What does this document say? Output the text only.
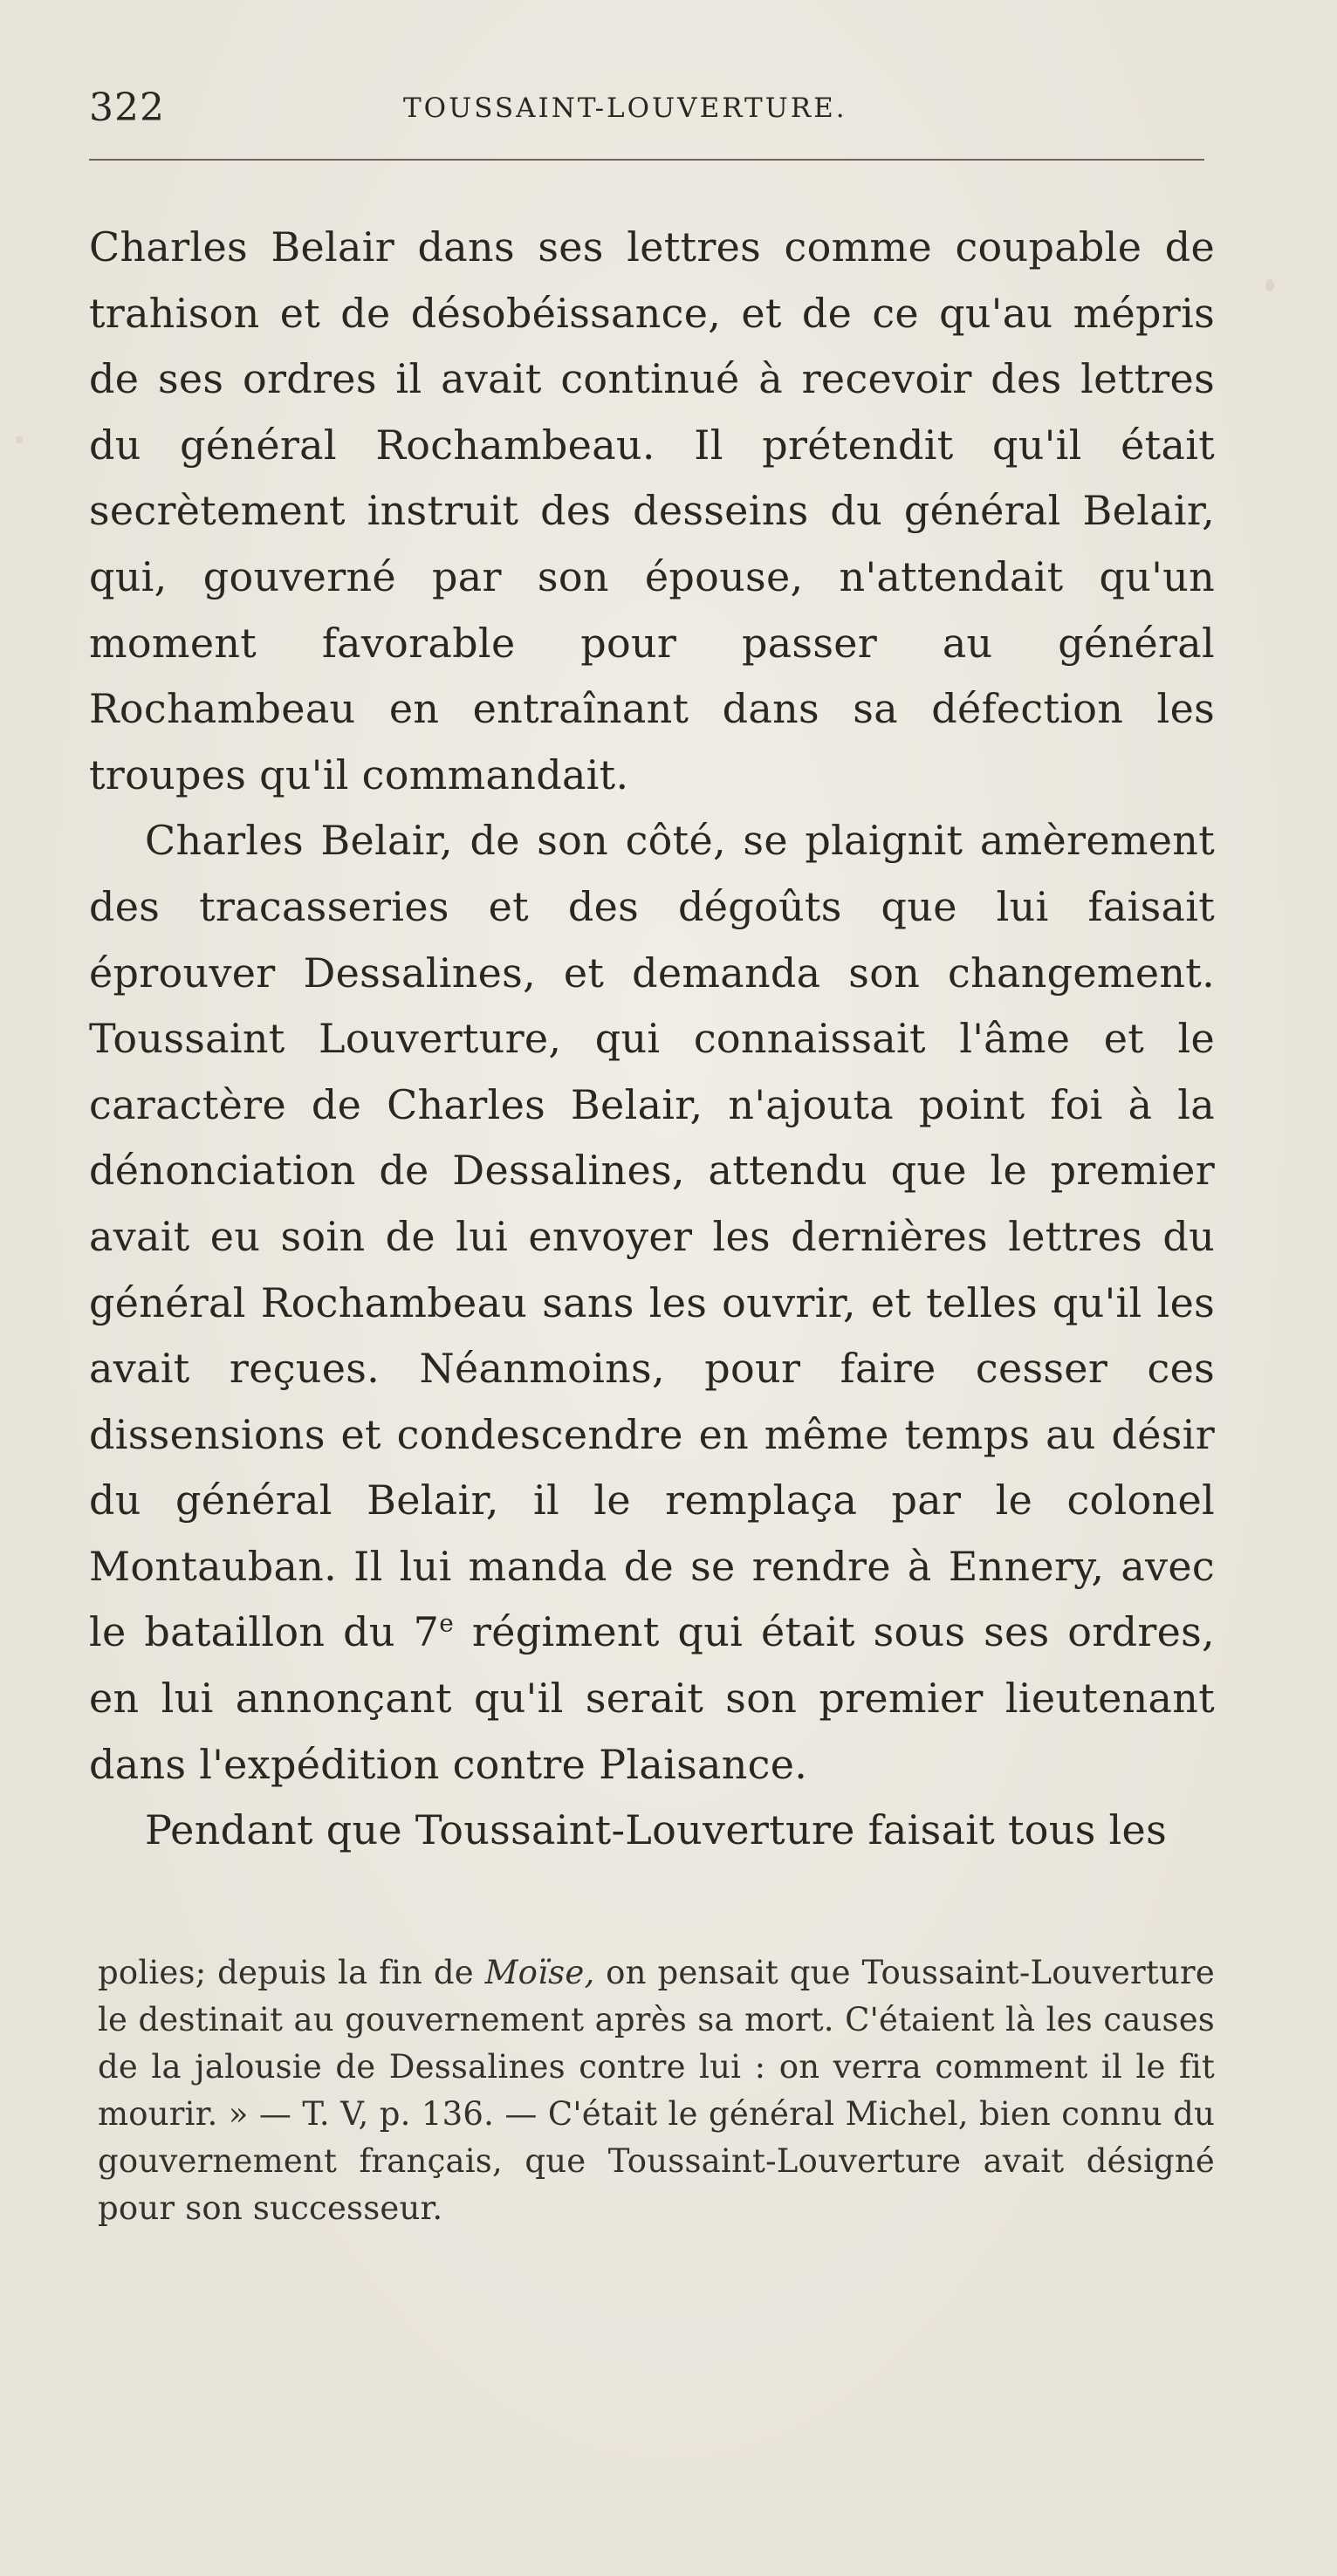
322	TOUSSAINT-LOUVERTURE.

Charles Belair dans ses lettres comme coupable de trahison et de désobéissance, et de ce qu'au mépris de ses ordres il avait continué à recevoir des lettres du général Rochambeau. Il prétendit qu'il était secrètement instruit des desseins du général Belair, qui, gouverné par son épouse, n'attendait qu'un moment favorable pour passer au général Rochambeau en entraînant dans sa défection les troupes qu'il commandait.

Charles Belair, de son côté, se plaignit amèrement des tracasseries et des dégoûts que lui faisait éprouver Dessalines, et demanda son changement. Toussaint Louverture, qui connaissait l'âme et le caractère de Charles Belair, n'ajouta point foi à la dénonciation de Dessalines, attendu que le premier avait eu soin de lui envoyer les dernières lettres du général Rochambeau sans les ouvrir, et telles qu'il les avait reçues. Néanmoins, pour faire cesser ces dissensions et condescendre en même temps au désir du général Belair, il le remplaça par le colonel Montauban. Il lui manda de se rendre à Ennery, avec le bataillon du 7e régiment qui était sous ses ordres, en lui annonçant qu'il serait son premier lieutenant dans l'expédition contre Plaisance.

Pendant que Toussaint-Louverture faisait tous les

polies; depuis la fin de Moïse, on pensait que Toussaint-Louverture le destinait au gouvernement après sa mort. C'étaient là les causes de la jalousie de Dessalines contre lui : on verra comment il le fit mourir. » — T. V, p. 136. — C'était le général Michel, bien connu du gouvernement français, que Toussaint-Louverture avait désigné pour son successeur.
